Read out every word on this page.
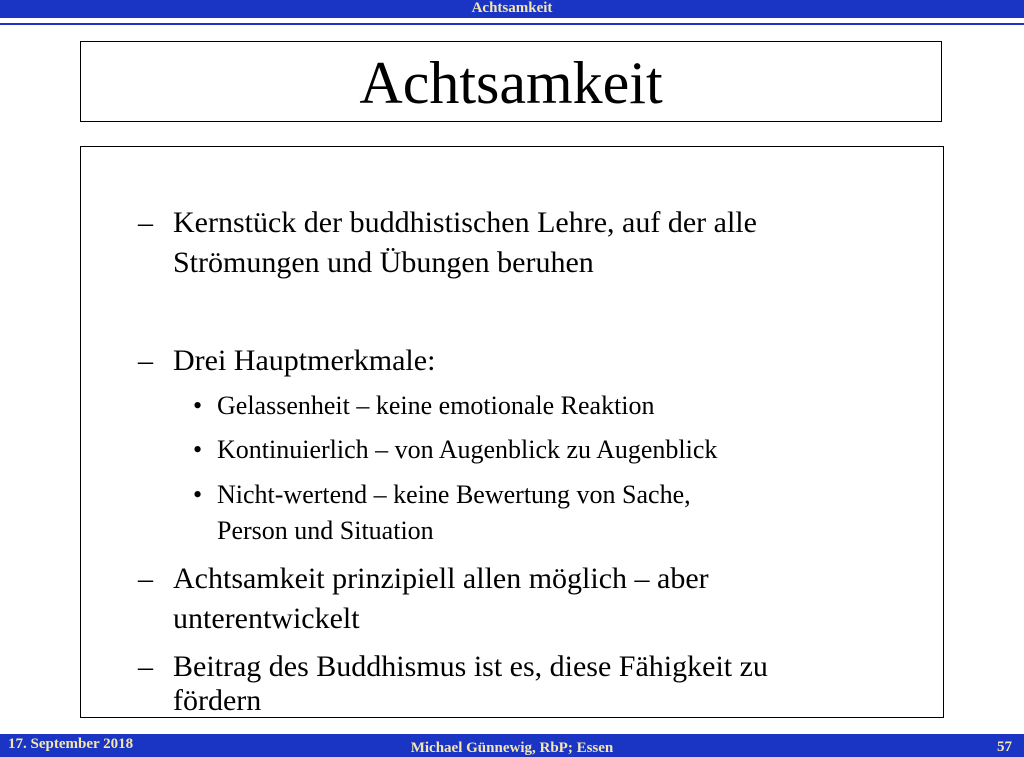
Achtsamkeit
Achtsamkeit
– Kernstück der buddhistischen Lehre, auf der alle
Strömungen und Übungen beruhen
– Drei Hauptmerkmale:
• Gelassenheit – keine emotionale Reaktion
• Kontinuierlich – von Augenblick zu Augenblick
• Nicht-wertend – keine Bewertung von Sache,
Person und Situation
– Achtsamkeit prinzipiell allen möglich – aber
unterentwickelt
– Beitrag des Buddhismus ist es, diese Fähigkeit zu
fördern
17. September 2018	Michael Günnewig, RbP; Essen	57
